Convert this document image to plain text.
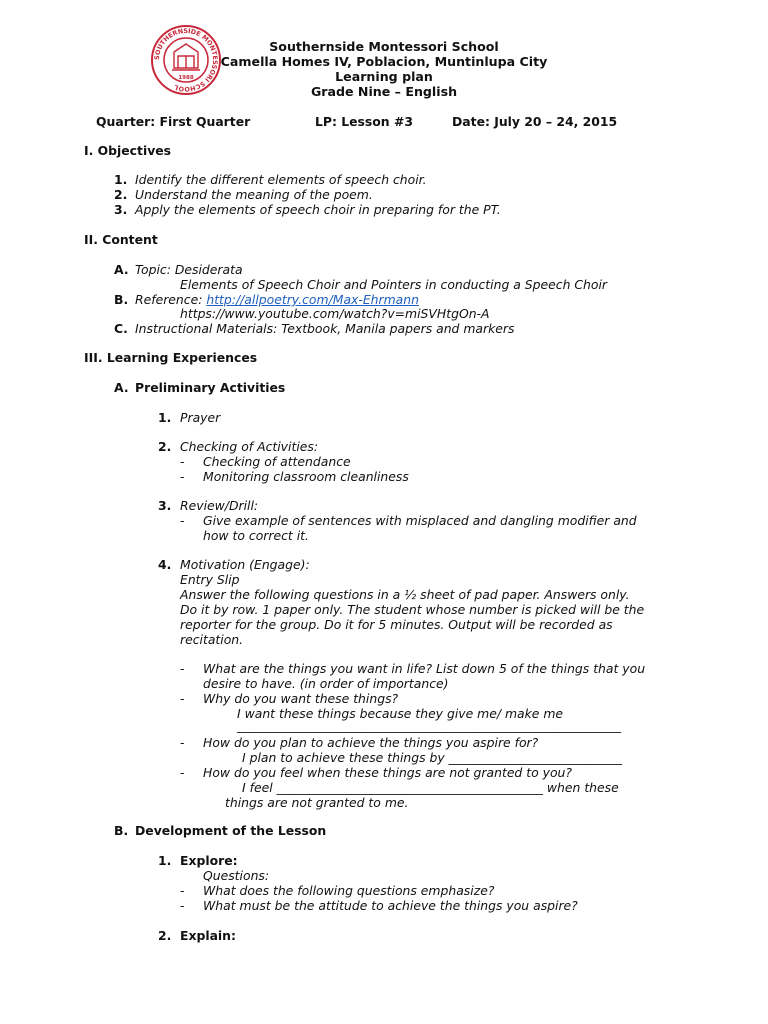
SOUTHERNSIDE MONTESSORI SCHOOL
1988
Southernside Montessori School
Camella Homes IV, Poblacion, Muntinlupa City
Learning plan
Grade Nine – English
Quarter: First Quarter	LP: Lesson #3	Date: July 20 – 24, 2015
I. Objectives
1. Identify the different elements of speech choir.
2. Understand the meaning of the poem.
3. Apply the elements of speech choir in preparing for the PT.
II. Content
A. Topic: Desiderata
Elements of Speech Choir and Pointers in conducting a Speech Choir
B. Reference: http://allpoetry.com/Max-Ehrmann
https://www.youtube.com/watch?v=miSVHtgOn-A
C. Instructional Materials: Textbook, Manila papers and markers
III. Learning Experiences
A. Preliminary Activities
1. Prayer
2. Checking of Activities:
- Checking of attendance
- Monitoring classroom cleanliness
3. Review/Drill:
- Give example of sentences with misplaced and dangling modifier and
how to correct it.
4. Motivation (Engage):
Entry Slip
Answer the following questions in a ½ sheet of pad paper. Answers only.
Do it by row. 1 paper only. The student whose number is picked will be the
reporter for the group. Do it for 5 minutes. Output will be recorded as
recitation.
- What are the things you want in life? List down 5 of the things that you
desire to have. (in order of importance)
- Why do you want these things?
I want these things because they give me/ make me
______________________________________________________________
- How do you plan to achieve the things you aspire for?
I plan to achieve these things by ____________________________
- How do you feel when these things are not granted to you?
I feel ___________________________________________ when these
things are not granted to me.
B. Development of the Lesson
1. Explore:
Questions:
- What does the following questions emphasize?
- What must be the attitude to achieve the things you aspire?
2. Explain:
